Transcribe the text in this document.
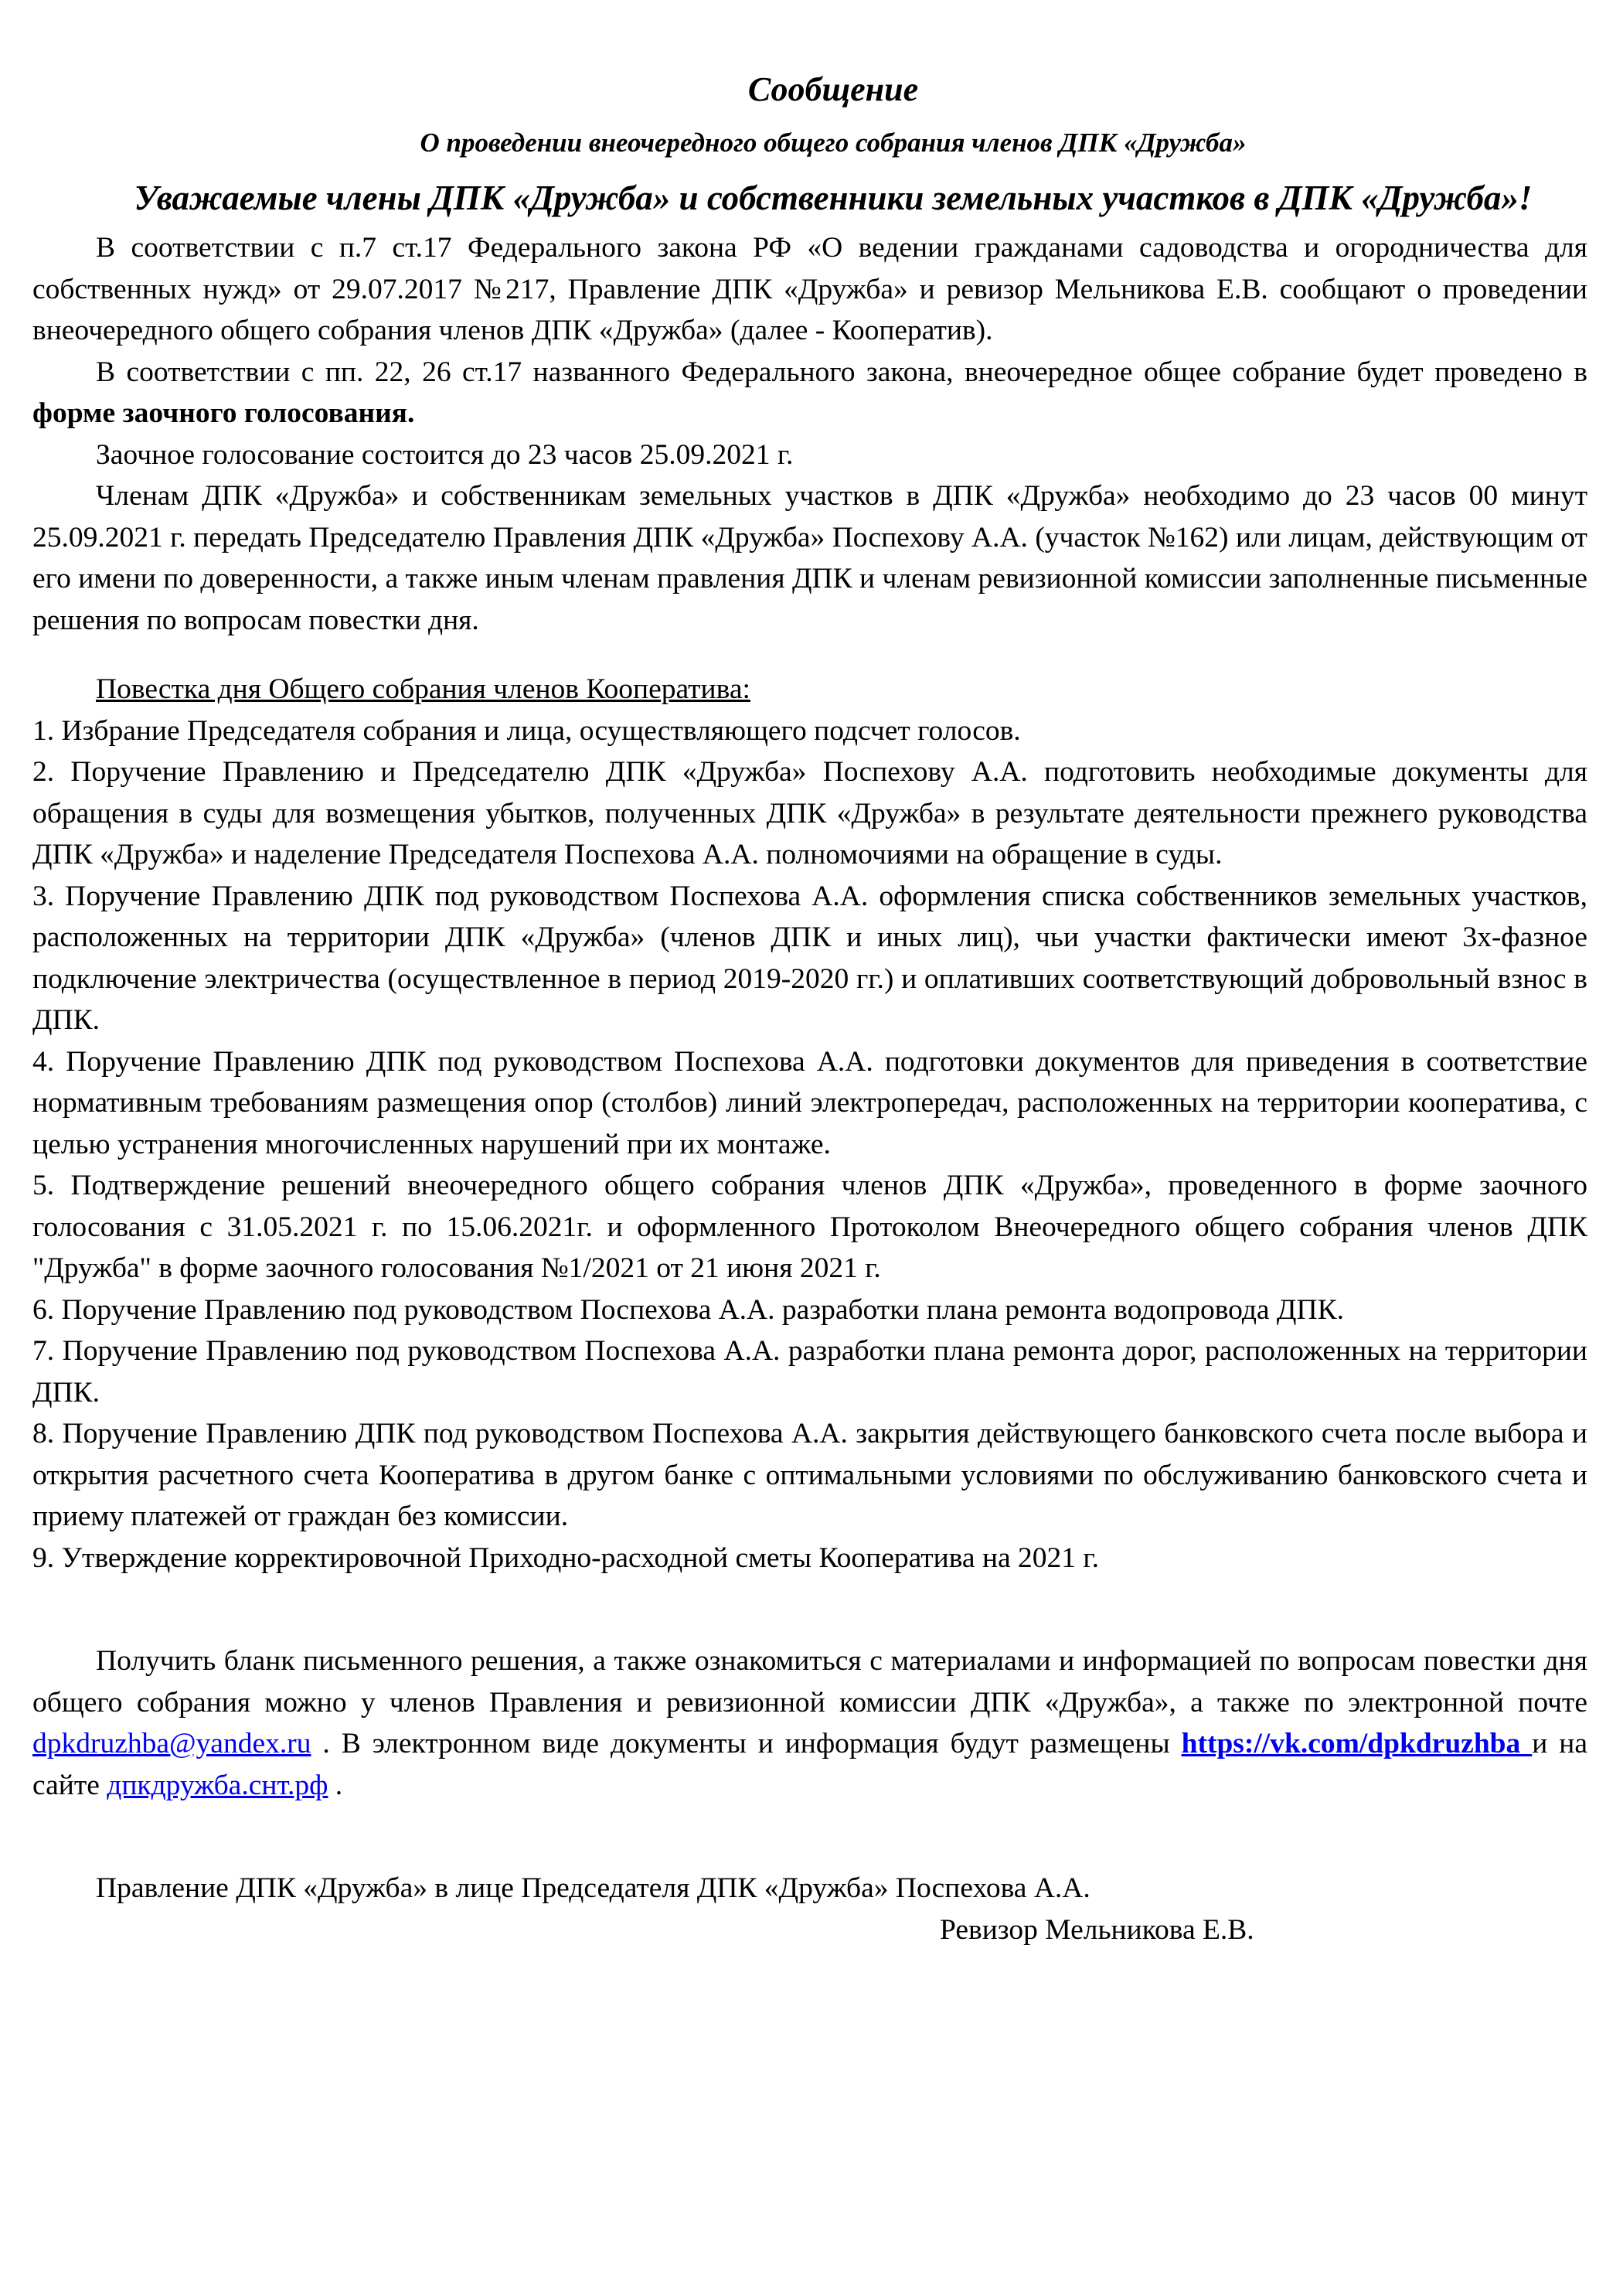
Сообщение
О проведении внеочередного общего собрания членов ДПК «Дружба»
Уважаемые члены ДПК «Дружба» и собственники земельных участков в ДПК «Дружба»!

В соответствии с п.7 ст.17 Федерального закона РФ «О ведении гражданами садоводства и огородничества для собственных нужд» от 29.07.2017 №217, Правление ДПК «Дружба» и ревизор Мельникова Е.В. сообщают о проведении внеочередного общего собрания членов ДПК «Дружба» (далее - Кооператив).

В соответствии с пп. 22, 26 ст.17 названного Федерального закона, внеочередное общее собрание будет проведено в форме заочного голосования.

Заочное голосование состоится до 23 часов 25.09.2021 г.

Членам ДПК «Дружба» и собственникам земельных участков в ДПК «Дружба» необходимо до 23 часов 00 минут 25.09.2021 г. передать Председателю Правления ДПК «Дружба» Поспехову А.А. (участок №162) или лицам, действующим от его имени по доверенности, а также иным членам правления ДПК и членам ревизионной комиссии заполненные письменные решения по вопросам повестки дня.

Повестка дня Общего собрания членов Кооператива:

1. Избрание Председателя собрания и лица, осуществляющего подсчет голосов.

2. Поручение Правлению и Председателю ДПК «Дружба» Поспехову А.А. подготовить необходимые документы для обращения в суды для возмещения убытков, полученных ДПК «Дружба» в результате деятельности прежнего руководства ДПК «Дружба» и наделение Председателя Поспехова А.А. полномочиями на обращение в суды.

3. Поручение Правлению ДПК под руководством Поспехова А.А. оформления списка собственников земельных участков, расположенных на территории ДПК «Дружба» (членов ДПК и иных лиц), чьи участки фактически имеют 3х-фазное подключение электричества (осуществленное в период 2019-2020 гг.) и оплативших соответствующий добровольный взнос в ДПК.

4. Поручение Правлению ДПК под руководством Поспехова А.А. подготовки документов для приведения в соответствие нормативным требованиям размещения опор (столбов) линий электропередач, расположенных на территории кооператива, с целью устранения многочисленных нарушений при их монтаже.

5. Подтверждение решений внеочередного общего собрания членов ДПК «Дружба», проведенного в форме заочного голосования с 31.05.2021 г. по 15.06.2021г. и оформленного Протоколом Внеочередного общего собрания членов ДПК "Дружба" в форме заочного голосования №1/2021 от 21 июня 2021 г.

6. Поручение Правлению под руководством Поспехова А.А. разработки плана ремонта водопровода ДПК.

7. Поручение Правлению под руководством Поспехова А.А. разработки плана ремонта дорог, расположенных на территории ДПК.

8. Поручение Правлению ДПК под руководством Поспехова А.А. закрытия действующего банковского счета после выбора и открытия расчетного счета Кооператива в другом банке с оптимальными условиями по обслуживанию банковского счета и приему платежей от граждан без комиссии.

9. Утверждение корректировочной Приходно-расходной сметы Кооператива на 2021 г.

Получить бланк письменного решения, а также ознакомиться с материалами и информацией по вопросам повестки дня общего собрания можно у членов Правления и ревизионной комиссии ДПК «Дружба», а также по электронной почте dpkdruzhba@yandex.ru . В электронном виде документы и информация будут размещены https://vk.com/dpkdruzhba и на сайте дпкдружба.снт.рф .

Правление ДПК «Дружба» в лице Председателя ДПК «Дружба» Поспехова А.А.

Ревизор Мельникова Е.В.
